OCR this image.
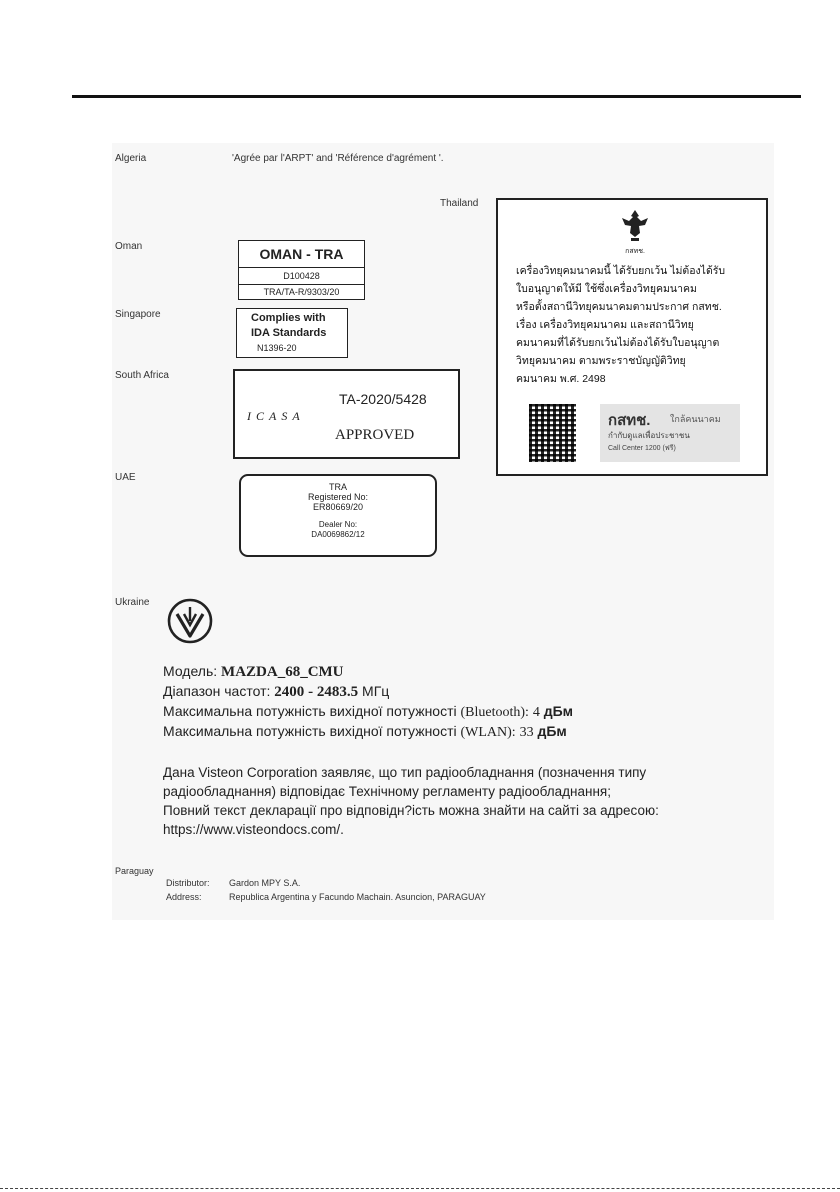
Algeria	'Agrée par l'ARPT' and 'Référence d'agrément '.
Thailand
กสทช.
เครื่องวิทยุคมนาคมนี้ ได้รับยกเว้น ไม่ต้องได้รับ
ใบอนุญาตให้มี ใช้ซึ่งเครื่องวิทยุคมนาคม
หรือตั้งสถานีวิทยุคมนาคมตามประกาศ กสทช.
เรื่อง เครื่องวิทยุคมนาคม และสถานีวิทยุ
คมนาคมที่ได้รับยกเว้นไม่ต้องได้รับใบอนุญาต
วิทยุคมนาคม ตามพระราชบัญญัติวิทยุ
คมนาคม พ.ศ. 2498
กสทช. ใกล้คนนาคม
กำกับดูแลเพื่อประชาชน
Call Center 1200 (ฟรี)
Oman	OMAN - TRA
D100428
TRA/TA-R/9303/20
Singapore	Complies with
IDA Standards
N1396-20
South Africa
ICASA
TA-2020/5428
APPROVED
UAE
TRA
Registered No:
ER80669/20
Dealer No:
DA0069862/12
Ukraine
Модель: MAZDA_68_CMU
Діапазон частот: 2400 - 2483.5 МГц
Максимальна потужність вихідної потужності (Bluetooth): 4 дБм
Максимальна потужність вихідної потужності (WLAN): 33 дБм
Дана Visteon Corporation заявляє, що тип радіообладнання (позначення типу
радіообладнання) відповідає Технічному регламенту радіообладнання;
Повний текст декларації про відповідн?ість можна знайти на сайті за адресою:
https://www.visteondocs.com/.
Paraguay
Distributor: Gardon MPY S.A.
Address:	Republica Argentina y Facundo Machain. Asuncion, PARAGUAY
